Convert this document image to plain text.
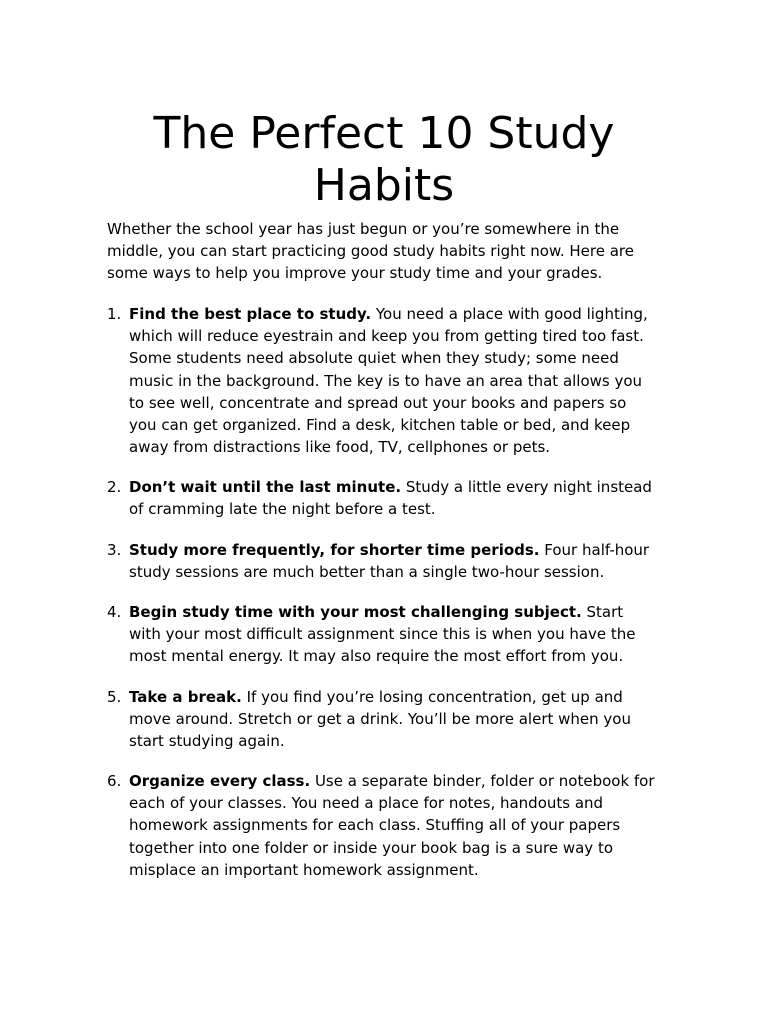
The Perfect 10 Study Habits

Whether the school year has just begun or you’re somewhere in the middle, you can start practicing good study habits right now. Here are some ways to help you improve your study time and your grades.

1. Find the best place to study. You need a place with good lighting, which will reduce eyestrain and keep you from getting tired too fast. Some students need absolute quiet when they study; some need music in the background. The key is to have an area that allows you to see well, concentrate and spread out your books and papers so you can get organized. Find a desk, kitchen table or bed, and keep away from distractions like food, TV, cellphones or pets.
2. Don’t wait until the last minute. Study a little every night instead of cramming late the night before a test.
3. Study more frequently, for shorter time periods. Four half-hour study sessions are much better than a single two-hour session.
4. Begin study time with your most challenging subject. Start with your most difficult assignment since this is when you have the most mental energy. It may also require the most effort from you.
5. Take a break. If you find you’re losing concentration, get up and move around. Stretch or get a drink. You’ll be more alert when you start studying again.
6. Organize every class. Use a separate binder, folder or notebook for each of your classes. You need a place for notes, handouts and homework assignments for each class. Stuffing all of your papers together into one folder or inside your book bag is a sure way to misplace an important homework assignment.
